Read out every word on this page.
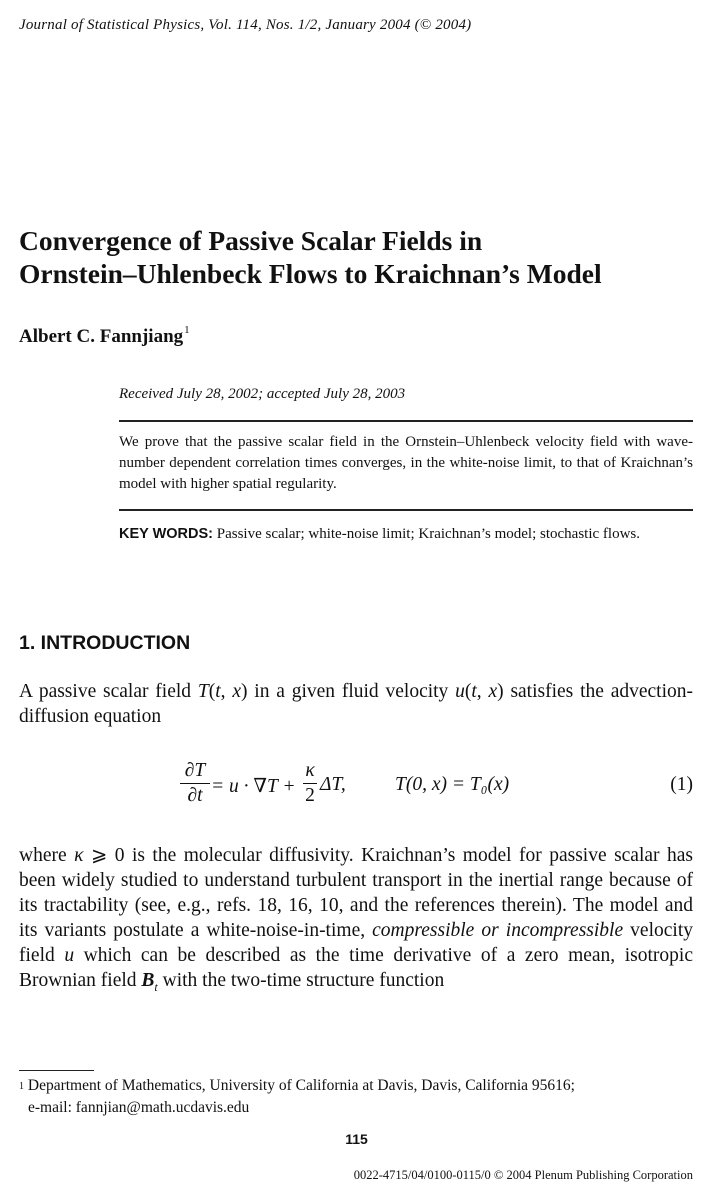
Journal of Statistical Physics, Vol. 114, Nos. 1/2, January 2004 (© 2004)
Convergence of Passive Scalar Fields in
Ornstein–Uhlenbeck Flows to Kraichnan’s Model
Albert C. Fannjiang$^1$
Received July 28, 2002; accepted July 28, 2003
We prove that the passive scalar field in the Ornstein–Uhlenbeck velocity field with wave-number dependent correlation times converges, in the white-noise limit, to that of Kraichnan’s model with higher spatial regularity.
KEY WORDS: Passive scalar; white-noise limit; Kraichnan’s model; stochastic flows.
1. INTRODUCTION
A passive scalar field T(t, x) in a given fluid velocity u(t, x) satisfies the advection-diffusion equation
∂T
∂t = u · ∇T +
κ
2
ΔT,	T(0, x) = T₀(x)	(1)
where κ ⩾ 0 is the molecular diffusivity. Kraichnan’s model for passive scalar has been widely studied to understand turbulent transport in the inertial range because of its tractability (see, e.g., refs. 18, 16, 10, and the references therein). The model and its variants postulate a white-noise-in-time, compressible or incompressible velocity field u which can be described as the time derivative of a zero mean, isotropic Brownian field $B_t$ with the two-time structure function
$^1$ Department of Mathematics, University of California at Davis, Davis, California 95616;
e-mail: fannjian@math.ucdavis.edu
115
0022-4715/04/0100-0115/0 © 2004 Plenum Publishing Corporation
